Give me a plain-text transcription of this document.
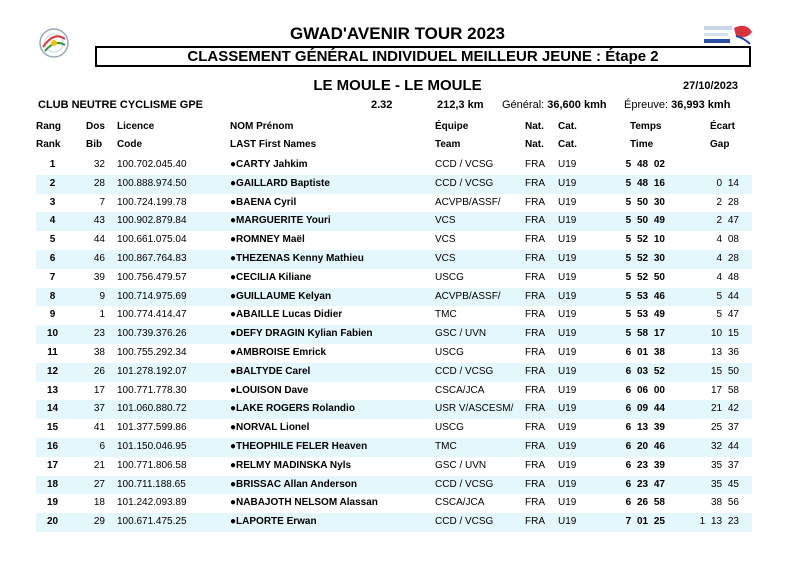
GWAD'AVENIR TOUR 2023
CLASSEMENT GÉNÉRAL INDIVIDUEL MEILLEUR JEUNE : Étape 2
LE MOULE - LE MOULE	27/10/2023
CLUB NEUTRE CYCLISME GPE	2.32	212,3 km Général: 36,600 kmh Épreuve: 36,993 kmh
Rang
Rank
Dos
Bib
Licence
Code
NOM Prénom
LAST First Names
Équipe
Team
Nat.
Nat.
Cat.
Cat.
Temps
Time
Écart
Gap
1	32 100.702.045.40	●CARTY Jahkim	CCD / VCSG	FRA U19	5 48 02
2	28 100.888.974.50	●GAILLARD Baptiste	CCD / VCSG	FRA U19	5 48 16	0 14
3	7 100.724.199.78	●BAENA Cyril	ACVPB/ASSF/ FRA U19	5 50 30	2 28
4	43 100.902.879.84	●MARGUERITE Youri	VCS	FRA U19	5 50 49	2 47
5	44 100.661.075.04	●ROMNEY Maël	VCS	FRA U19	5 52 10	4 08
6	46 100.867.764.83	●THEZENAS Kenny Mathieu	VCS	FRA U19	5 52 30	4 28
7	39 100.756.479.57	●CECILIA Kiliane	USCG	FRA U19	5 52 50	4 48
8	9 100.714.975.69	●GUILLAUME Kelyan	ACVPB/ASSF/ FRA U19	5 53 46	5 44
9	1 100.774.414.47	●ABAILLE Lucas Didier	TMC	FRA U19	5 53 49	5 47
10	23 100.739.376.26	●DEFY DRAGIN Kylian Fabien	GSC / UVN	FRA U19	5 58 17	10 15
11	38 100.755.292.34	●AMBROISE Emrick	USCG	FRA U19	6 01 38	13 36
12	26 101.278.192.07	●BALTYDE Carel	CCD / VCSG	FRA U19	6 03 52	15 50
13	17 100.771.778.30	●LOUISON Dave	CSCA/JCA	FRA U19	6 06 00	17 58
14	37 101.060.880.72	●LAKE ROGERS Rolandio	USR V/ASCESM/ FRA U19	6 09 44	21 42
15	41 101.377.599.86	●NORVAL Lionel	USCG	FRA U19	6 13 39	25 37
16	6 101.150.046.95	●THEOPHILE FELER Heaven	TMC	FRA U19	6 20 46	32 44
17	21 100.771.806.58	●RELMY MADINSKA Nyls	GSC / UVN	FRA U19	6 23 39	35 37
18	27 100.711.188.65	●BRISSAC Allan Anderson	CCD / VCSG	FRA U19	6 23 47	35 45
19	18 101.242.093.89	●NABAJOTH NELSOM Alassan	CSCA/JCA	FRA U19	6 26 58	38 56
20	29 100.671.475.25	●LAPORTE Erwan	CCD / VCSG	FRA U19	7 01 25	1 13 23
